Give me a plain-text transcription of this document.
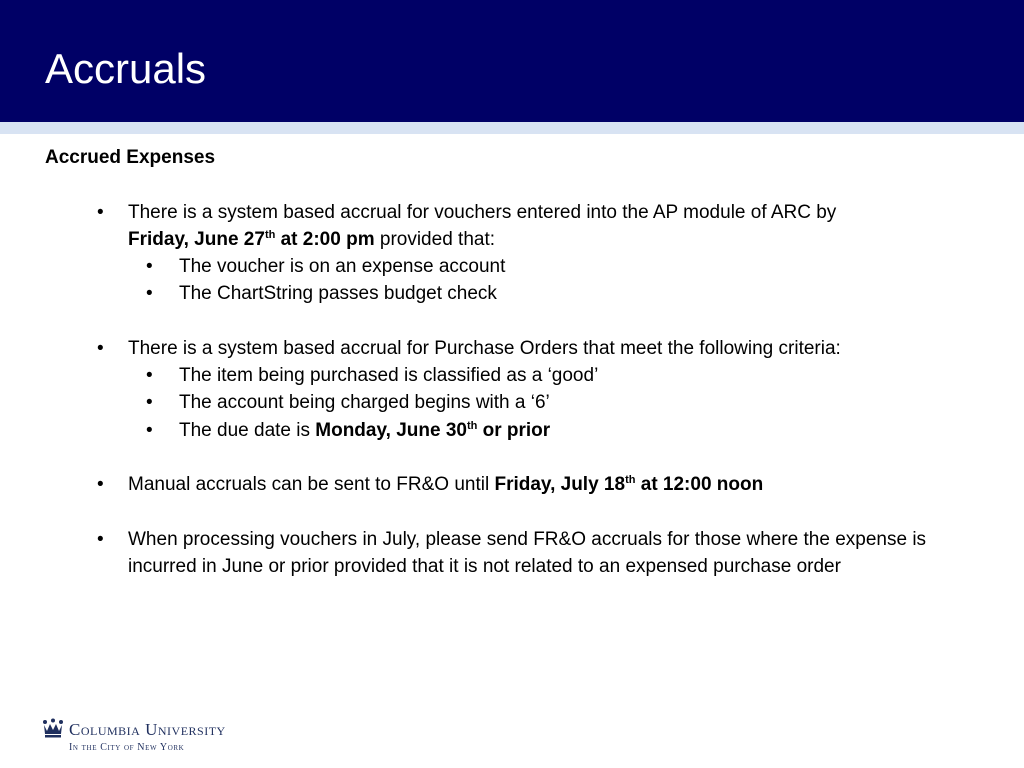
Accruals

Accrued Expenses

• There is a system based accrual for vouchers entered into the AP module of ARC by
Friday, June 27th at 2:00 pm provided that:
• The voucher is on an expense account
• The ChartString passes budget check
• There is a system based accrual for Purchase Orders that meet the following criteria:
• The item being purchased is classified as a ‘good’
• The account being charged begins with a ‘6’
• The due date is Monday, June 30th or prior
• Manual accruals can be sent to FR&O until Friday, July 18th at 12:00 noon
• When processing vouchers in July, please send FR&O accruals for those where the expense is incurred in June or prior provided that it is not related to an expensed purchase order
Columbia University
In the City of New York
